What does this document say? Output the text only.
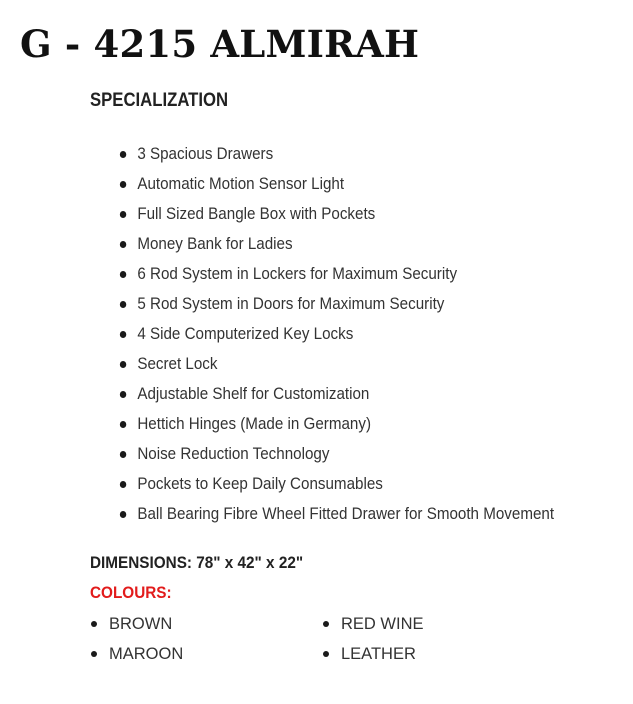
G - 4215 ALMIRAH
SPECIALIZATION
3 Spacious Drawers
Automatic Motion Sensor Light
Full Sized Bangle Box with Pockets
Money Bank for Ladies
6 Rod System in Lockers for Maximum Security
5 Rod System in Doors for Maximum Security
4 Side Computerized Key Locks
Secret Lock
Adjustable Shelf for Customization
Hettich Hinges (Made in Germany)
Noise Reduction Technology
Pockets to Keep Daily Consumables
Ball Bearing Fibre Wheel Fitted Drawer for Smooth Movement

DIMENSIONS: 78" x 42" x 22"

COLOURS:

BROWN	RED WINE
MAROON	LEATHER
